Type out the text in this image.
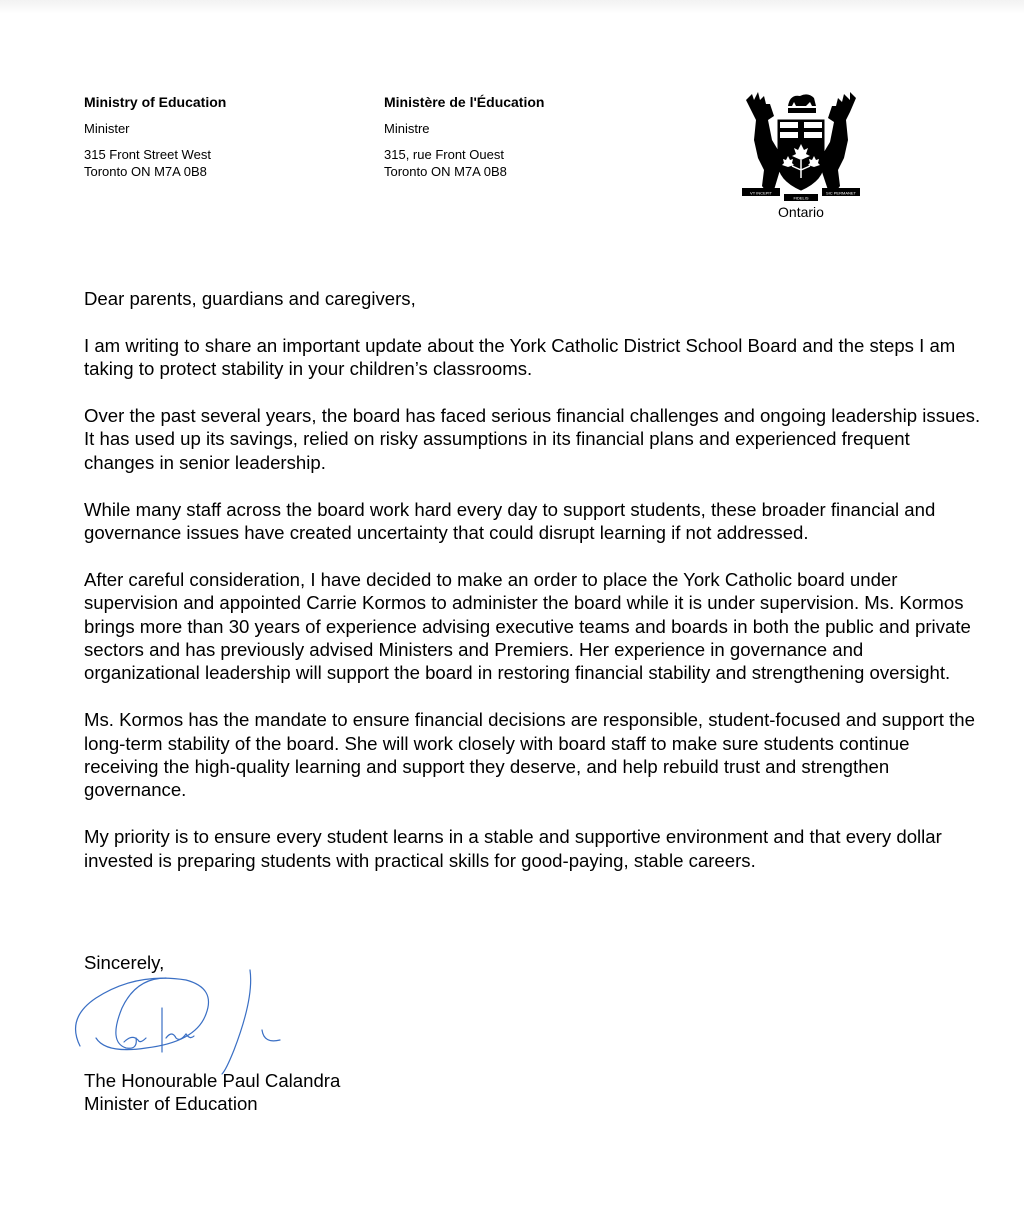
Ministry of Education
Minister
315 Front Street West
Toronto ON M7A 0B8
Ministère de l'Éducation
Ministre
315, rue Front Ouest
Toronto ON M7A 0B8
VT INCEPIT
FIDELIS
SIC PERMANET
Ontario

Dear parents, guardians and caregivers,

I am writing to share an important update about the York Catholic District School Board and the steps I am taking to protect stability in your children’s classrooms.

Over the past several years, the board has faced serious financial challenges and ongoing leadership issues. It has used up its savings, relied on risky assumptions in its financial plans and experienced frequent changes in senior leadership.

While many staff across the board work hard every day to support students, these broader financial and governance issues have created uncertainty that could disrupt learning if not addressed.

After careful consideration, I have decided to make an order to place the York Catholic board under supervision and appointed Carrie Kormos to administer the board while it is under supervision. Ms. Kormos brings more than 30 years of experience advising executive teams and boards in both the public and private sectors and has previously advised Ministers and Premiers. Her experience in governance and organizational leadership will support the board in restoring financial stability and strengthening oversight.

Ms. Kormos has the mandate to ensure financial decisions are responsible, student-focused and support the long-term stability of the board. She will work closely with board staff to make sure students continue receiving the high-quality learning and support they deserve, and help rebuild trust and strengthen governance.

My priority is to ensure every student learns in a stable and supportive environment and that every dollar invested is preparing students with practical skills for good-paying, stable careers.

Sincerely,
The Honourable Paul Calandra
Minister of Education
